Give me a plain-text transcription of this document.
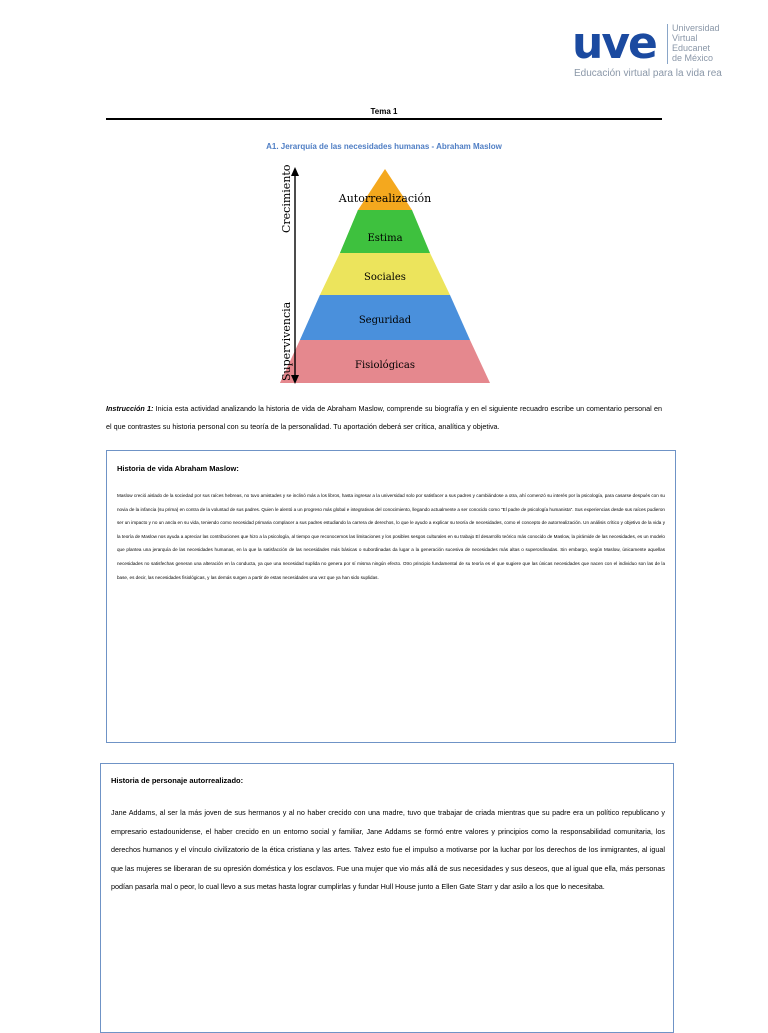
uve Universidad
Virtual
Educanet
de México
Educación virtual para la vida rea
Tema 1
A1. Jerarquía de las necesidades humanas - Abraham Maslow
Autorrealización
Estima
Sociales
Seguridad
Fisiológicas
Crecimiento
Supervivencia
Instrucción 1: Inicia esta actividad analizando la historia de vida de Abraham Maslow, comprende su biografía y en el siguiente recuadro escribe un comentario personal en el que contrastes su historia personal con su teoría de la personalidad. Tu aportación deberá ser crítica, analítica y objetiva.
Historia de vida Abraham Maslow:
Maslow creció aislado de la sociedad por sus raíces hebreas, no tuvo amistades y se inclinó más a los libros, hasta ingresar a la universidad solo por satisfacer a sus padres y cambiándose a otra, ahí comenzó su interés por la psicología, para casarse después con su novia de la infancia (su prima) en contra de la voluntad de sus padres. Quien le alentó a un progreso más global e integrativas del conocimiento, llegando actualmente a ser conocido como "El padre de psicología humanista". Sus experiencias desde sus raíces pudieron ser un impacto y no un ancla en su vida, teniendo como necesidad primaria complacer a sus padres estudiando la carrera de derechos, lo que le ayudo a explicar su teoría de necesidades, como el concepto de autorrealización. Un análisis crítico y objetivo de la vida y la teoría de Maslow nos ayuda a apreciar las contribuciones que hizo a la psicología, al tiempo que reconocemos las limitaciones y los posibles sesgos culturales en su trabajo El desarrollo teórico más conocido de Maslow, la pirámide de las necesidades, es un modelo que plantea una jerarquía de las necesidades humanas, en la que la satisfacción de las necesidades más básicas o subordinadas da lugar a la generación sucesiva de necesidades más altas o superordinadas. Sin embargo, según Maslow, únicamente aquellas necesidades no satisfechas generan una alteración en la conducta, ya que una necesidad suplida no genera por sí misma ningún efecto. Otro principio fundamental de su teoría es el que sugiere que las únicas necesidades que nacen con el individuo son las de la base, es decir, las necesidades fisiológicas, y las demás surgen a partir de estas necesidades una vez que ya han sido suplidas.
Historia de personaje autorrealizado:
Jane Addams, al ser la más joven de sus hermanos y al no haber crecido con una madre, tuvo que trabajar de criada mientras que su padre era un político republicano y empresario estadounidense, el haber crecido en un entorno social y familiar, Jane Addams se formó entre valores y principios como la responsabilidad comunitaria, los derechos humanos y el vínculo civilizatorio de la ética cristiana y las artes. Talvez esto fue el impulso a motivarse por la luchar por los derechos de los inmigrantes, al igual que las mujeres se liberaran de su opresión doméstica y los esclavos. Fue una mujer que vio más allá de sus necesidades y sus deseos, que al igual que ella, más personas podían pasarla mal o peor, lo cual llevo a sus metas hasta lograr cumplirlas y fundar Hull House junto a Ellen Gate Starr y dar asilo a los que lo necesitaba.
